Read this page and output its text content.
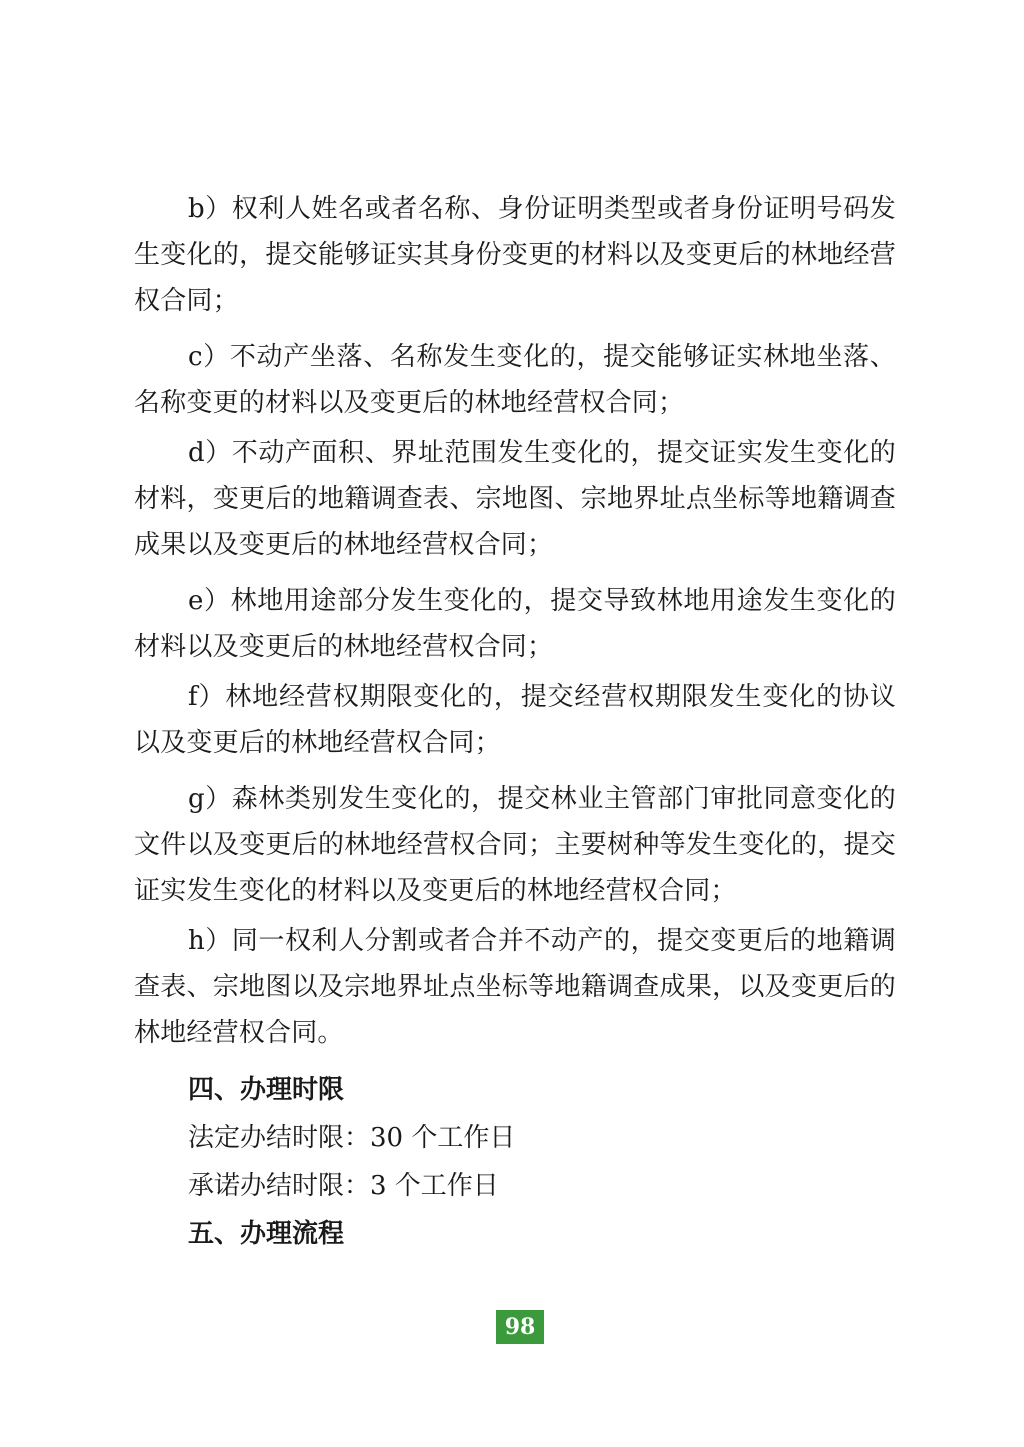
b）权利人姓名或者名称、身份证明类型或者身份证明号码发生变化的，提交能够证实其身份变更的材料以及变更后的林地经营权合同；

c）不动产坐落、名称发生变化的，提交能够证实林地坐落、名称变更的材料以及变更后的林地经营权合同；

d）不动产面积、界址范围发生变化的，提交证实发生变化的材料，变更后的地籍调查表、宗地图、宗地界址点坐标等地籍调查成果以及变更后的林地经营权合同；

e）林地用途部分发生变化的，提交导致林地用途发生变化的材料以及变更后的林地经营权合同；

f）林地经营权期限变化的，提交经营权期限发生变化的协议以及变更后的林地经营权合同；

g）森林类别发生变化的，提交林业主管部门审批同意变化的文件以及变更后的林地经营权合同；主要树种等发生变化的，提交证实发生变化的材料以及变更后的林地经营权合同；

h）同一权利人分割或者合并不动产的，提交变更后的地籍调查表、宗地图以及宗地界址点坐标等地籍调查成果，以及变更后的林地经营权合同。

四、办理时限
法定办结时限：30 个工作日
承诺办结时限：3 个工作日
五、办理流程
98
